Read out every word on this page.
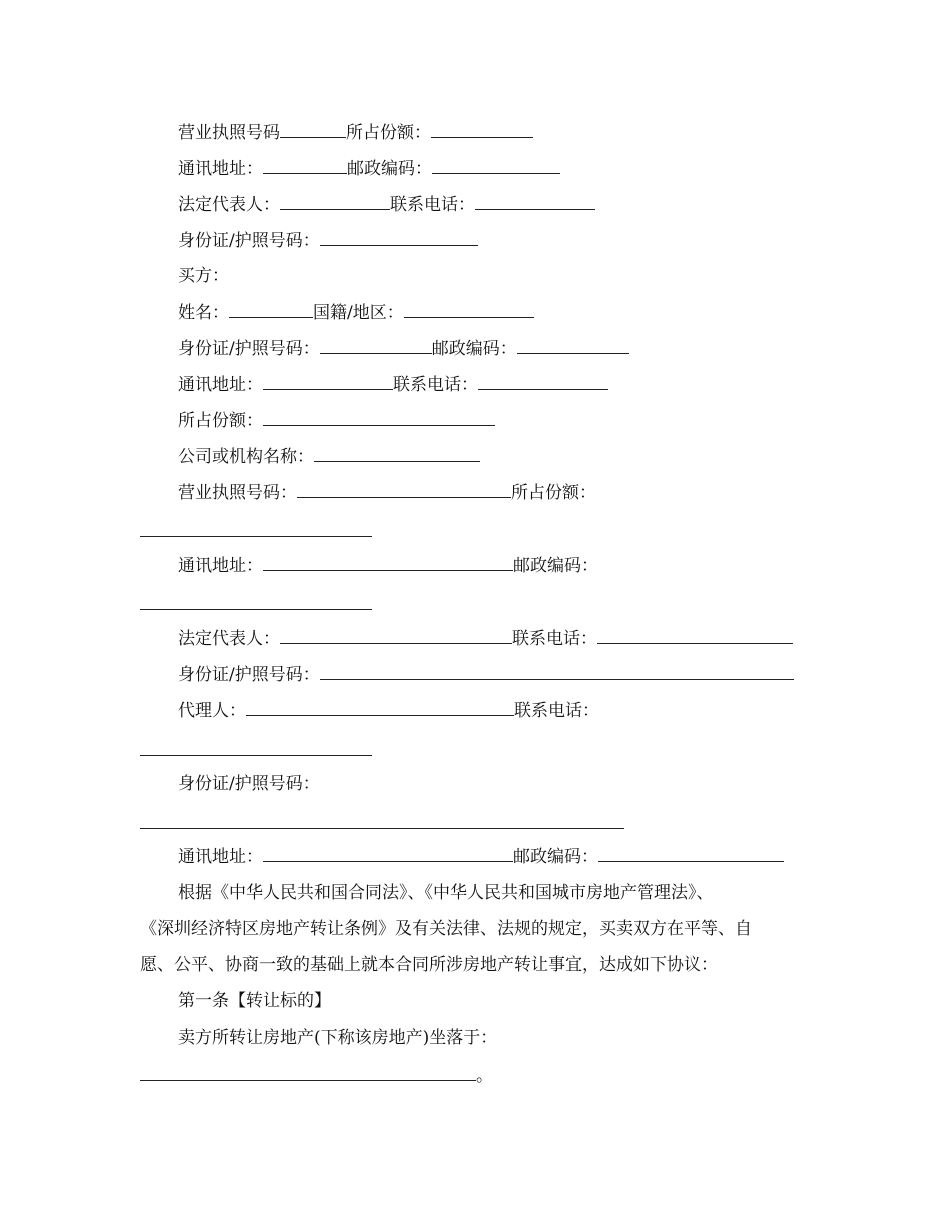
营业执照号码	所占份额：
通讯地址：	邮政编码：
法定代表人：	联系电话：
身份证/护照号码：
买方：
姓名：	国籍/地区：
身份证/护照号码：	邮政编码：
通讯地址：	联系电话：
所占份额：
公司或机构名称：
营业执照号码：	所占份额：
通讯地址：	邮政编码：
法定代表人：	联系电话：
身份证/护照号码：
代理人：	联系电话：
身份证/护照号码：
通讯地址：	邮政编码：
根据《中华人民共和国合同法》、《中华人民共和国城市房地产管理法》、
《深圳经济特区房地产转让条例》及有关法律、法规的规定，买卖双方在平等、自
愿、公平、协商一致的基础上就本合同所涉房地产转让事宜，达成如下协议：
第一条【转让标的】
卖方所转让房地产(下称该房地产)坐落于：
。
